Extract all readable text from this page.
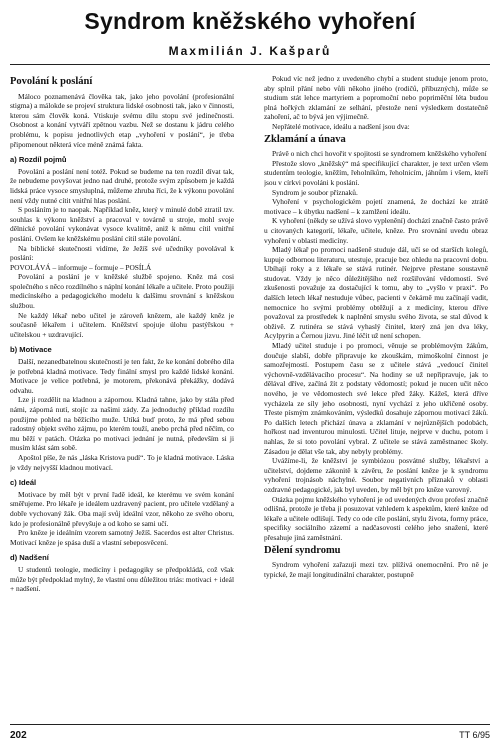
Syndrom kněžského vyhoření
Maxmilián J. Kašparů
Povolání k poslání

Máloco poznamenává člověka tak, jako jeho povolání (profesionální stigma) a málokde se projeví struktura lidské osobnosti tak, jako v činnosti, kterou sám člověk koná. Vtiskuje svému dílu stopu své jedinečnosti. Osobnost a konání vytváří zpětnou vazbu. Než se dostanu k jádru celého problému, k popisu jednotlivých etap „vyhoření v poslání“, je třeba připomenout některá více méně známá fakta.

a) Rozdíl pojmů

Povolání a poslání není totéž. Pokud se budeme na ten rozdíl dívat tak, že nebudeme povyšovat jedno nad druhé, protože svým způsobem je každá lidská práce vysoce smysluplná, můžeme zhruba říci, že k výkonu povolání není vždy nutné cítit vnitřní hlas poslání.

S posláním je to naopak. Například kněz, který v minulé době ztratil tzv. souhlas k výkonu kněžství a pracoval v továrně u stroje, mohl svoje dělnické povolání vykonávat vysoce kvalitně, aniž k němu cítil vnitřní poslání. Ovšem ke kněžskému poslání cítil stále povolání.

Na biblické skutečnosti vidíme, že Ježíš své učedníky povolával k poslání:

POVOLÁVÁ – informuje – formuje – POSÍLÁ

Povolání a poslání je v kněžské službě spojeno. Kněz má cosi společného s něco rozdílného s náplní konání lékaře a učitele. Proto použiji medicínského a pedagogického modelu k dalšímu srovnání s kněžskou službou.

Ne každý lékař nebo učitel je zároveň knězem, ale každý kněz je současně lékařem i učitelem. Kněžství spojuje úlohu pastýřskou + učitelskou + uzdravující.

b) Motivace

Další, nezanedbatelnou skutečností je ten fakt, že ke konání dobrého díla je potřebná kladná motivace. Tedy finální smysl pro každé lidské konání. Motivace je velice potřebná, je motorem, překonává překážky, dodává odvahu.

Lze ji rozdělit na kladnou a zápornou. Kladná tahne, jako by stála před námi, záporná nutí, stojíc za našimi zády. Za jednoduchý příklad rozdílu použijme pohled na běžícího muže. Utíká buď proto, že má před sebou radostný objekt svého zájmu, po kterém touží, anebo prchá před něčím, co mu běží v patách. Otázka po motivaci jednání je nutná, především si ji musím klást sám sobě.

Apoštol píše, že nás „láska Kristova pudí“. To je kladná motivace. Láska je vždy nejvyšší kladnou motivací.

c) Ideál

Motivace by měl být v první řadě ideál, ke kterému ve svém konání směřujeme. Pro lékaře je ideálem uzdravený pacient, pro učitele vzdělaný a dobře vychovaný žák. Oba mají svůj ideální vzor, někoho ze svého oboru, kdo je profesionálně převyšuje a od koho se sami učí.

Pro kněze je ideálním vzorem samotný Ježíš. Sacerdos est alter Christus. Motivací kněze je spása duší a vlastní sebeposvěcení.

d) Nadšení

U studentů teologie, medicíny i pedagogiky se předpokládá, což však může být předpoklad mylný, že vlastní onu důležitou triás: motivaci + ideál + nadšení.

Pokud víc než jedno z uvedeného chybí a student studuje jenom proto, aby splnil přání nebo vůli někoho jiného (rodičů, příbuzných), může se studium stát lehce martyriem a popromoční nebo popriměční léta budou plná hořkých zklamání ze selhání, přestože není výsledkem dostatečně zahoření, ač to bývá jen výjimečně.

Nepřátelé motivace, ideálu a nadšení jsou dva:

Zklamání a únava

Právě o nich chci hovořit v spojitosti se syndromem kněžského vyhoření

Přestože slovo „kněžský“ má specifikující charakter, je text určen všem studentům teologie, kněžím, řeholníkům, řeholnicím, jáhnům i všem, kteří jsou v církvi povoláni k poslání.

Syndrom je soubor příznaků.

Vyhoření v psychologickém pojetí znamená, že dochází ke ztrátě motivace – k úbytku nadšení – k zamlžení ideálu.

K vyhoření (někdy se užívá slovo vyplenění) dochází značně často právě u citovaných kategorií, lékaře, učitele, kněze. Pro srovnání uvedu obraz vyhoření v oblasti medicíny.

Mladý lékař po promoci nadšeně studuje dál, učí se od starších kolegů, kupuje odbornou literaturu, utestuje, pracuje bez ohledu na pracovní dobu. Ubíhají roky a z lékaře se stává rutinér. Nejprve přestane soustavně studovat. Vždy je něco důležitějšího než rozšiřování vědomostí. Své zkušenosti považuje za dostačující k tomu, aby to „vyšlo v praxi“. Po dalších letech lékař nestuduje vůbec, pacienti v čekárně mu začínají vadit, nemocnice ho svými problémy obtěžují a z medicíny, kterou dříve považoval za prostředek k naplnění smyslu svého života, se stal důvod k obživě. Z rutinéra se stává vyhaslý činitel, který zná jen dva léky, Acylpyrin a Černou jizvu. Jiné léčit už není schopen.

Mladý učitel studuje i po promoci, věnuje se problémovým žákům, doučuje slabší, dobře připravuje ke zkouškám, mimoškolní činnost je samozřejmostí. Postupem času se z učitele stává „vedoucí činitel výchovně-vzdělávacího procesu“. Na hodiny se už nepřipravuje, jak to dělával dříve, začíná žít z podstaty vědomostí; pokud je nucen učit něco nového, je ve vědomostech své lekce před žáky. Kážeš, která dříve vycházela ze síly jeho osobnosti, nyní vychází z jeho ukřičené osoby. Třeste písmým známkováním, výsledků dosahuje zápornou motivací žáků. Po dalších letech přichází únava a zklamání v nejrůznějších podobách, hořkost nad inventurou minulosti. Učitel lituje, nejprve v duchu, potom i nahlas, že si toto povolání vybral. Z učitele se stává zaměstnanec školy. Zásadou je dělat vše tak, aby nebyly problémy.

Uvážíme-li, že kněžství je symbiózou posvátné služby, lékařství a učitelství, dojdeme zákonitě k závěru, že poslání kněze je k syndromu vyhoření trojnásob náchylné. Soubor negativních příznaků v oblasti ozdravné pedagogické, jak byl uveden, by měl být pro kněze varovný.

Otázka pojmu kněžského vyhoření je od uvedených dvou profesí značně odlišná, protože je třeba ji posuzovat vzhledem k aspektům, které kněze od lékaře a učitele odlišují. Tedy co ode cíle poslání, stylu života, formy práce, specifiky sociálního zázemí a nadčasovosti celého jeho snažení, které přesahuje jiná zaměstnání.

Dělení syndromu

Syndrom vyhoření zařazuji mezi tzv. plíživá onemocnění. Pro ně je typické, že mají longitudinální charakter, postupně

202	TT 6/95
